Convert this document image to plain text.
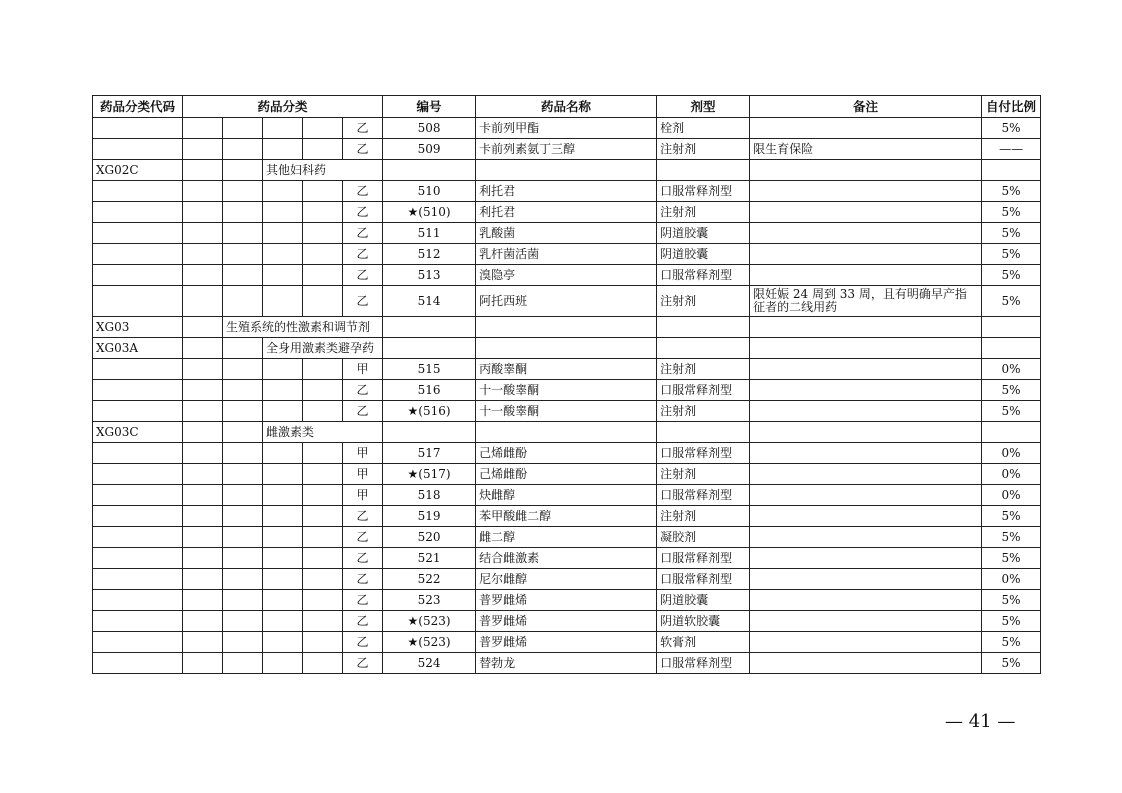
药品分类代码	药品分类					编号	药品名称	剂型	备注	自付比例
					乙	508	卡前列甲酯	栓剂		5%
					乙	509	卡前列素氨丁三醇	注射剂	限生育保险	——
XG02C			其他妇科药							
					乙	510	利托君	口服常释剂型		5%
					乙	★(510)	利托君	注射剂		5%
					乙	511	乳酸菌	阴道胶囊		5%
					乙	512	乳杆菌活菌	阴道胶囊		5%
					乙	513	溴隐亭	口服常释剂型		5%
					乙	514	阿托西班	注射剂	限妊娠 24 周到 33 周，且有明确早产指征者的二线用药	5%
XG03		生殖系统的性激素和调节剂								
XG03A			全身用激素类避孕药							
					甲	515	丙酸睾酮	注射剂		0%
					乙	516	十一酸睾酮	口服常释剂型		5%
					乙	★(516)	十一酸睾酮	注射剂		5%
XG03C			雌激素类							
					甲	517	己烯雌酚	口服常释剂型		0%
					甲	★(517)	己烯雌酚	注射剂		0%
					甲	518	炔雌醇	口服常释剂型		0%
					乙	519	苯甲酸雌二醇	注射剂		5%
					乙	520	雌二醇	凝胶剂		5%
					乙	521	结合雌激素	口服常释剂型		5%
					乙	522	尼尔雌醇	口服常释剂型		0%
					乙	523	普罗雌烯	阴道胶囊		5%
					乙	★(523)	普罗雌烯	阴道软胶囊		5%
					乙	★(523)	普罗雌烯	软膏剂		5%
					乙	524	替勃龙	口服常释剂型		5%
— 41 —
